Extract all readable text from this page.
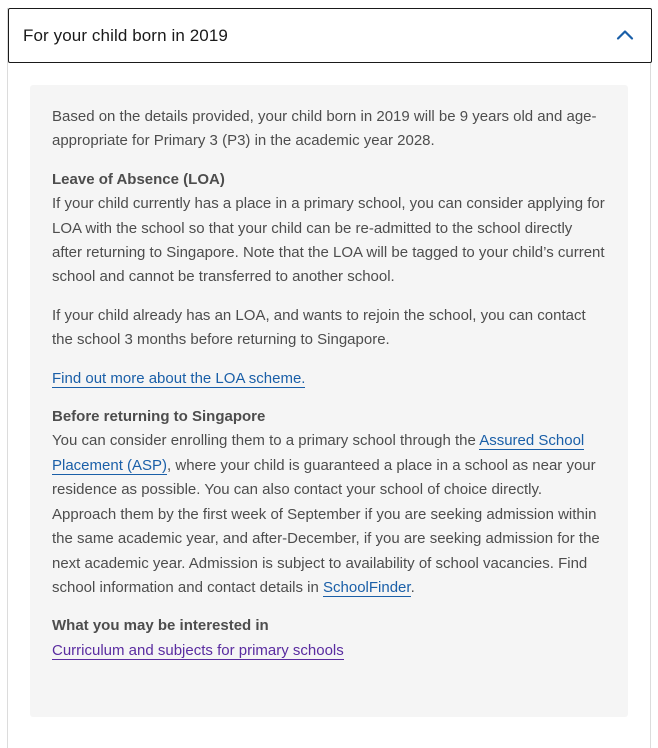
For your child born in 2019

Based on the details provided, your child born in 2019 will be 9 years old and age-appropriate for Primary 3 (P3) in the academic year 2028.

Leave of Absence (LOA)
If your child currently has a place in a primary school, you can consider applying for LOA with the school so that your child can be re-admitted to the school directly after returning to Singapore. Note that the LOA will be tagged to your child’s current school and cannot be transferred to another school.

If your child already has an LOA, and wants to rejoin the school, you can contact the school 3 months before returning to Singapore.

Find out more about the LOA scheme.

Before returning to Singapore
You can consider enrolling them to a primary school through the Assured School Placement (ASP), where your child is guaranteed a place in a school as near your residence as possible. You can also contact your school of choice directly. Approach them by the first week of September if you are seeking admission within the same academic year, and after-December, if you are seeking admission for the next academic year. Admission is subject to availability of school vacancies. Find school information and contact details in SchoolFinder.

What you may be interested in
Curriculum and subjects for primary schools
